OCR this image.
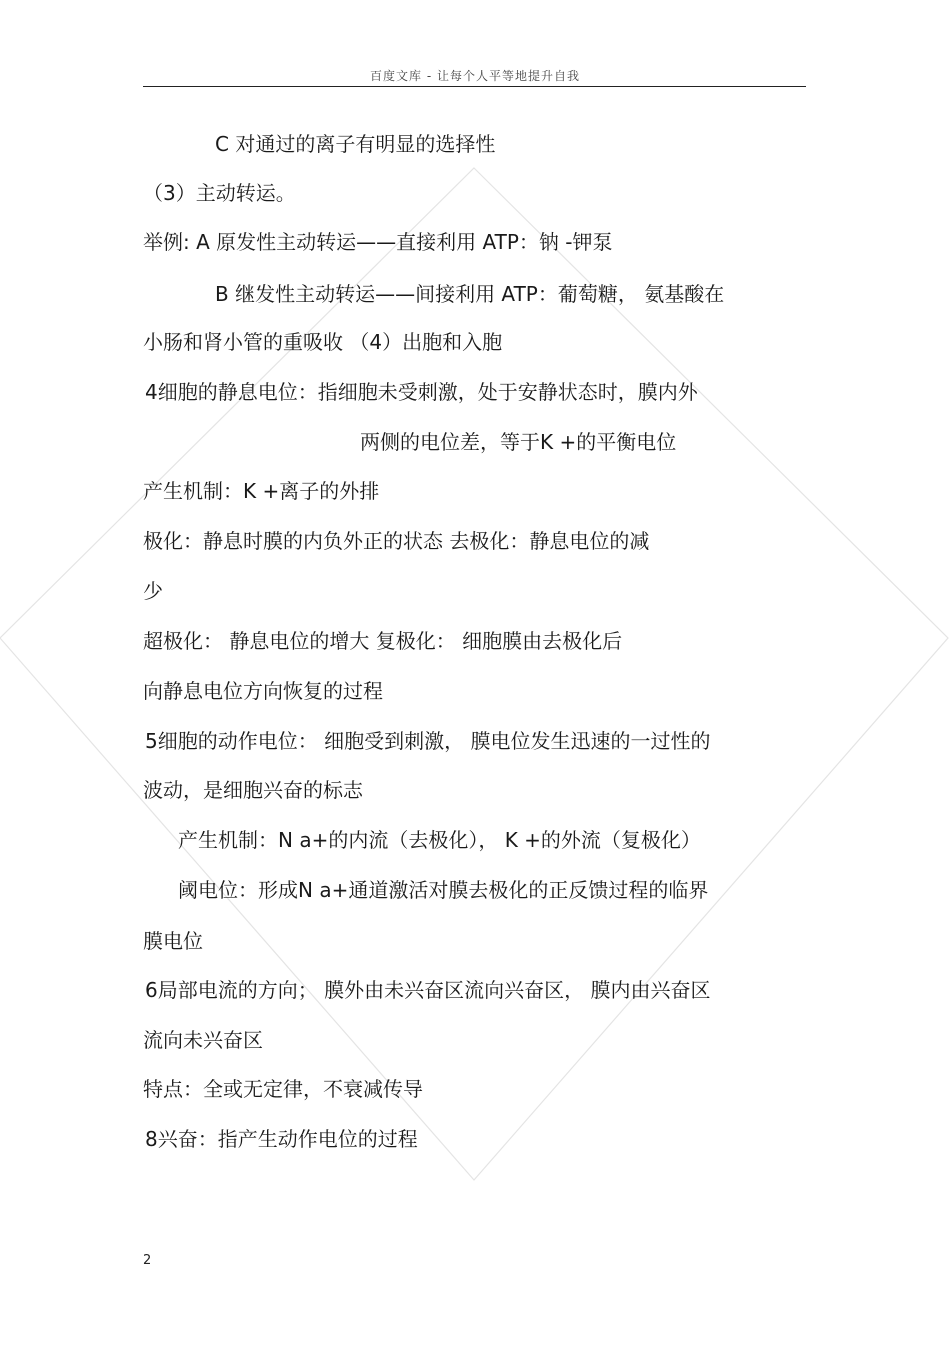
百度文库 - 让每个人平等地提升自我
C 对通过的离子有明显的选择性
（3）主动转运。
举例: A 原发性主动转运——直接利用 ATP：钠 -钾泵
B 继发性主动转运——间接利用 ATP：葡萄糖， 氨基酸在
小肠和肾小管的重吸收 （4）出胞和入胞
4细胞的静息电位：指细胞未受刺激，处于安静状态时，膜内外
两侧的电位差，等于K +的平衡电位
产生机制：K +离子的外排
极化：静息时膜的内负外正的状态 去极化：静息电位的减
少
超极化： 静息电位的增大 复极化： 细胞膜由去极化后
向静息电位方向恢复的过程
5细胞的动作电位： 细胞受到刺激， 膜电位发生迅速的一过性的
波动，是细胞兴奋的标志
产生机制：N a+的内流（去极化）， K +的外流（复极化）
阈电位：形成N a+通道激活对膜去极化的正反馈过程的临界
膜电位
6局部电流的方向； 膜外由未兴奋区流向兴奋区， 膜内由兴奋区
流向未兴奋区
特点：全或无定律，不衰减传导
8兴奋：指产生动作电位的过程
2
